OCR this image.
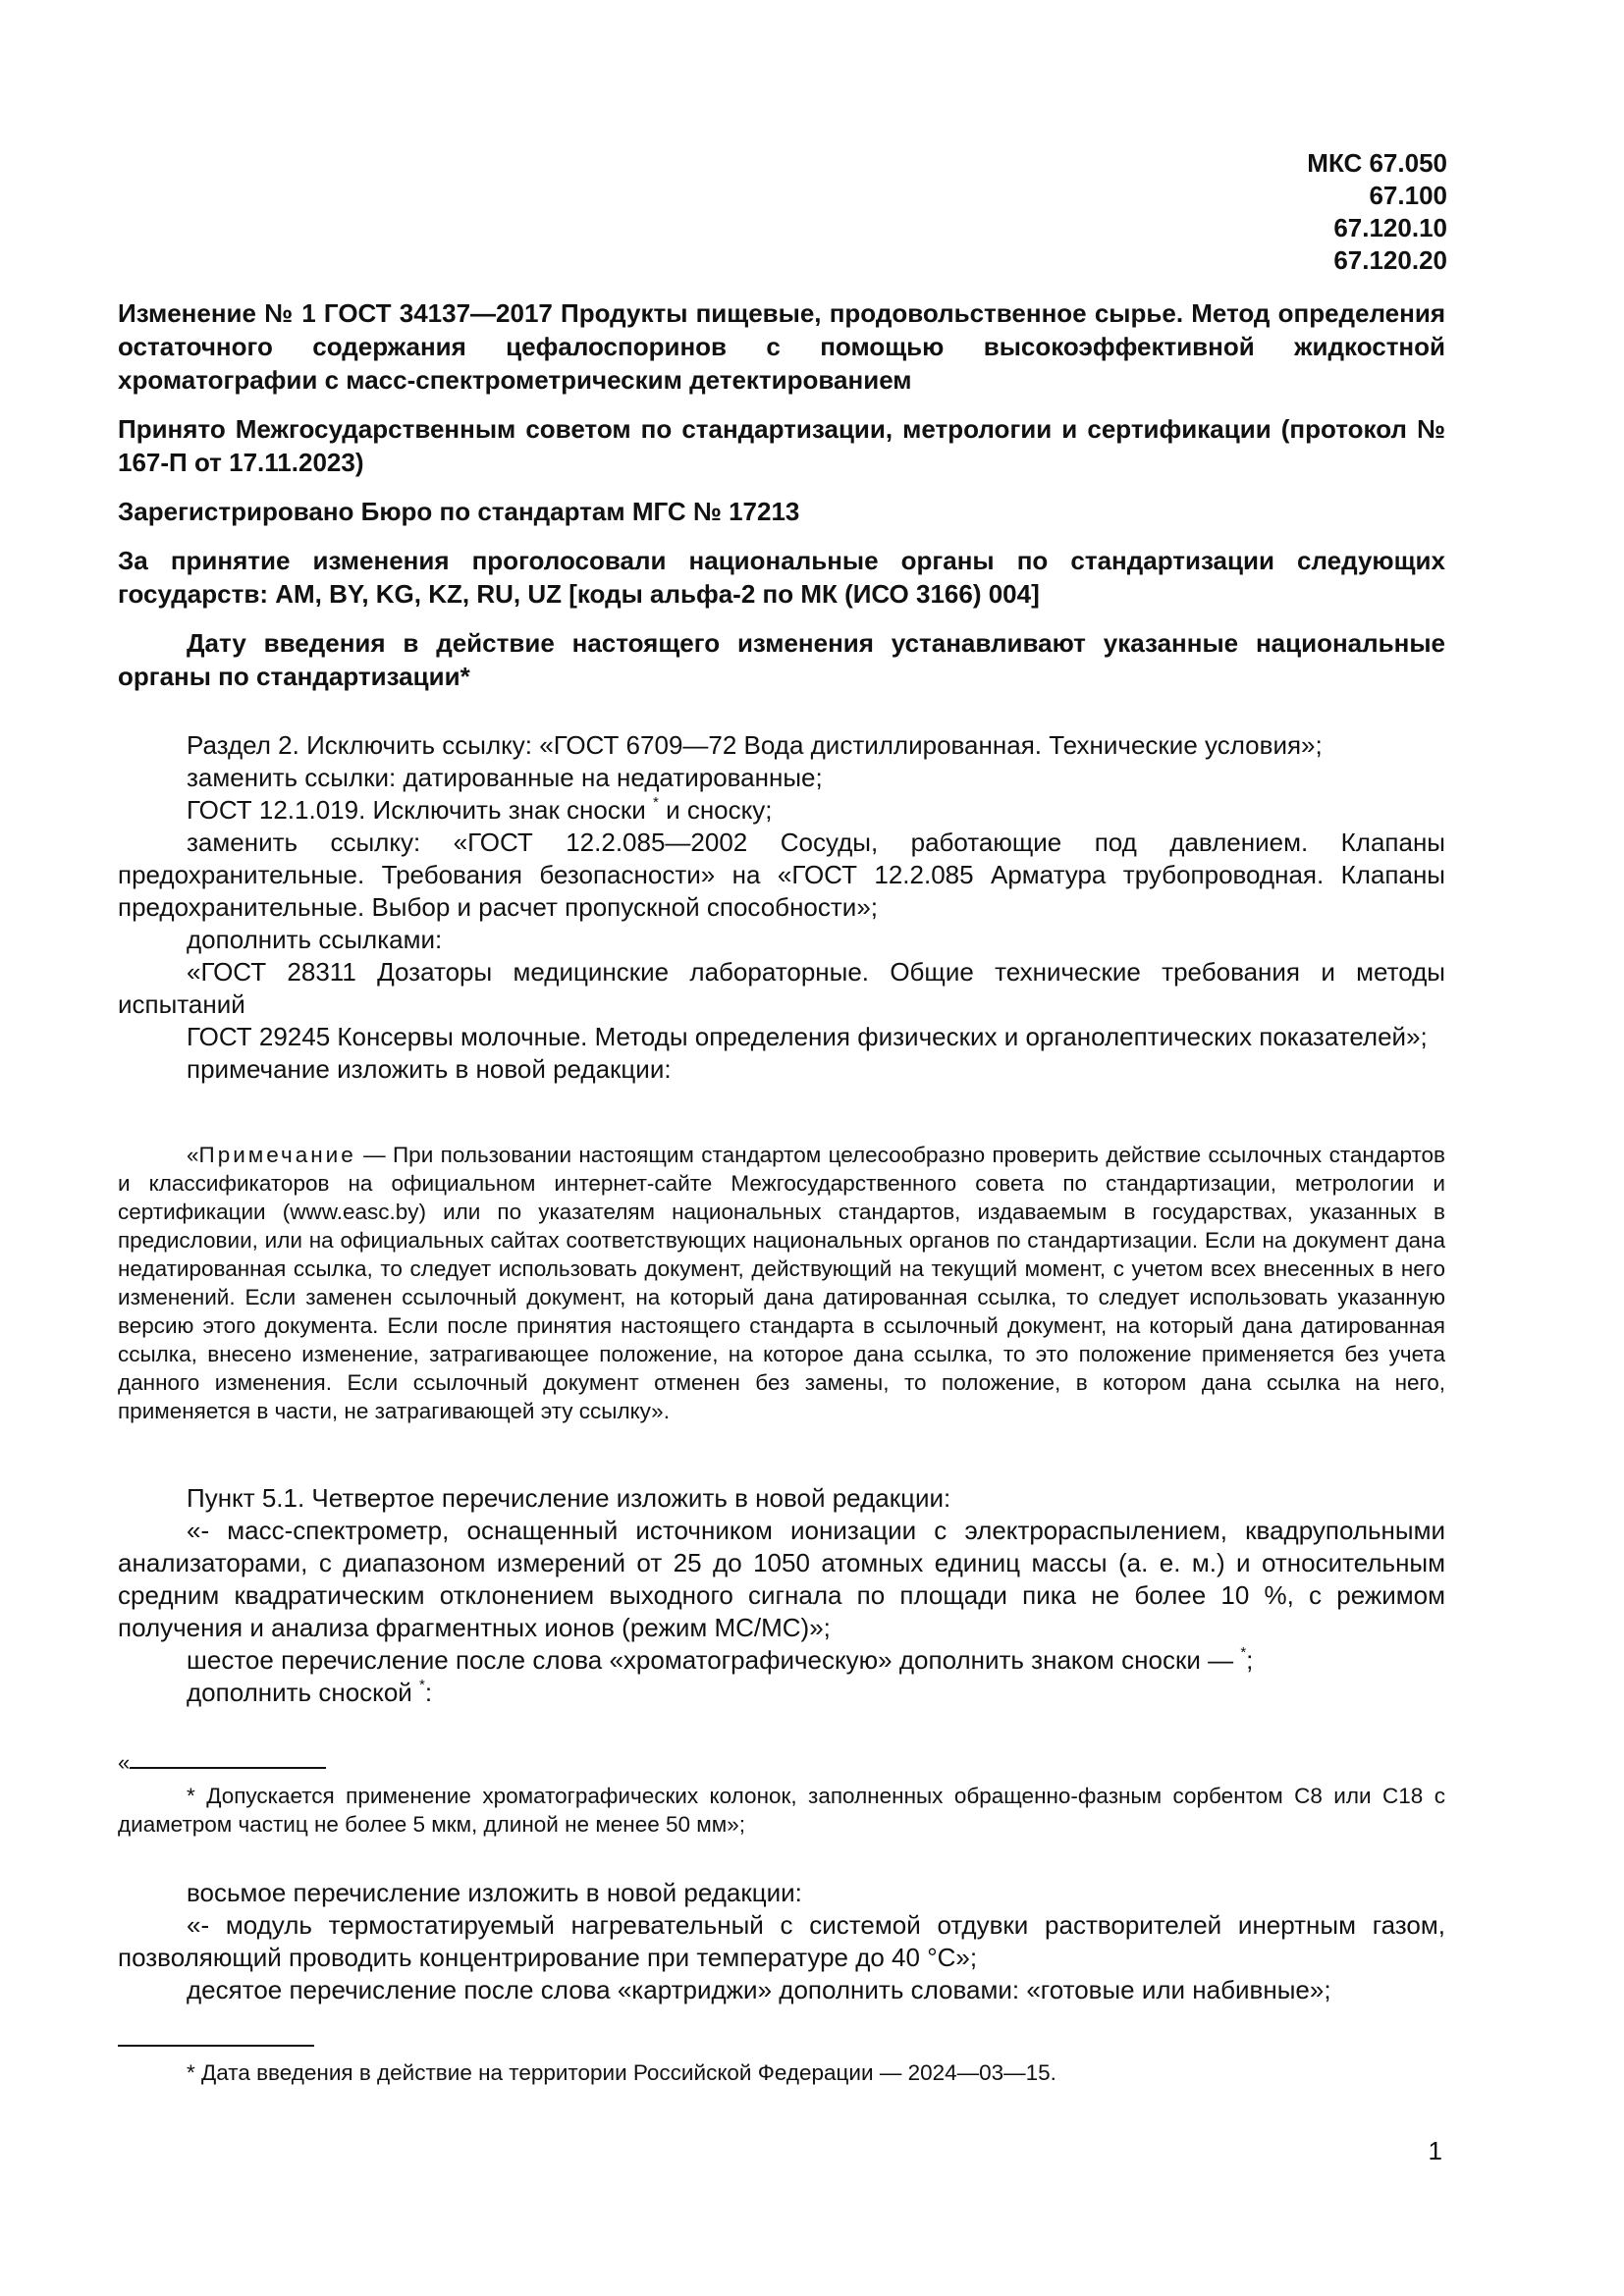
МКС 67.050
67.100
67.120.10
67.120.20

Изменение № 1 ГОСТ 34137—2017 Продукты пищевые, продовольственное сырье. Метод определения остаточного содержания цефалоспоринов с помощью высокоэффективной жидкостной хроматографии с масс-спектрометрическим детектированием

Принято Межгосударственным советом по стандартизации, метрологии и сертификации (протокол № 167-П от 17.11.2023)

Зарегистрировано Бюро по стандартам МГС № 17213

За принятие изменения проголосовали национальные органы по стандартизации следующих государств: AM, BY, KG, KZ, RU, UZ [коды альфа-2 по МК (ИСО 3166) 004]

Дату введения в действие настоящего изменения устанавливают указанные национальные органы по стандартизации*

Раздел 2. Исключить ссылку: «ГОСТ 6709—72 Вода дистиллированная. Технические условия»;

заменить ссылки: датированные на недатированные;

ГОСТ 12.1.019. Исключить знак сноски * и сноску;

заменить ссылку: «ГОСТ 12.2.085—2002 Сосуды, работающие под давлением. Клапаны предохранительные. Требования безопасности» на «ГОСТ 12.2.085 Арматура трубопроводная. Клапаны предохранительные. Выбор и расчет пропускной способности»;

дополнить ссылками:

«ГОСТ 28311 Дозаторы медицинские лабораторные. Общие технические требования и методы испытаний

ГОСТ 29245 Консервы молочные. Методы определения физических и органолептических показателей»;

примечание изложить в новой редакции:

«Примечание — При пользовании настоящим стандартом целесообразно проверить действие ссылочных стандартов и классификаторов на официальном интернет-сайте Межгосударственного совета по стандартизации, метрологии и сертификации (www.easc.by) или по указателям национальных стандартов, издаваемым в государствах, указанных в предисловии, или на официальных сайтах соответствующих национальных органов по стандартизации. Если на документ дана недатированная ссылка, то следует использовать документ, действующий на текущий момент, с учетом всех внесенных в него изменений. Если заменен ссылочный документ, на который дана датированная ссылка, то следует использовать указанную версию этого документа. Если после принятия настоящего стандарта в ссылочный документ, на который дана датированная ссылка, внесено изменение, затрагивающее положение, на которое дана ссылка, то это положение применяется без учета данного изменения. Если ссылочный документ отменен без замены, то положение, в котором дана ссылка на него, применяется в части, не затрагивающей эту ссылку».

Пункт 5.1. Четвертое перечисление изложить в новой редакции:

«- масс-спектрометр, оснащенный источником ионизации с электрораспылением, квадрупольными анализаторами, с диапазоном измерений от 25 до 1050 атомных единиц массы (а. е. м.) и относительным средним квадратическим отклонением выходного сигнала по площади пика не более 10 %, с режимом получения и анализа фрагментных ионов (режим МС/МС)»;

шестое перечисление после слова «хроматографическую» дополнить знаком сноски — *;

дополнить сноской *:

«

* Допускается применение хроматографических колонок, заполненных обращенно-фазным сорбентом С8 или С18 с диаметром частиц не более 5 мкм, длиной не менее 50 мм»;

восьмое перечисление изложить в новой редакции:

«- модуль термостатируемый нагревательный с системой отдувки растворителей инертным газом, позволяющий проводить концентрирование при температуре до 40 °С»;

десятое перечисление после слова «картриджи» дополнить словами: «готовые или набивные»;

* Дата введения в действие на территории Российской Федерации — 2024—03—15.

1
